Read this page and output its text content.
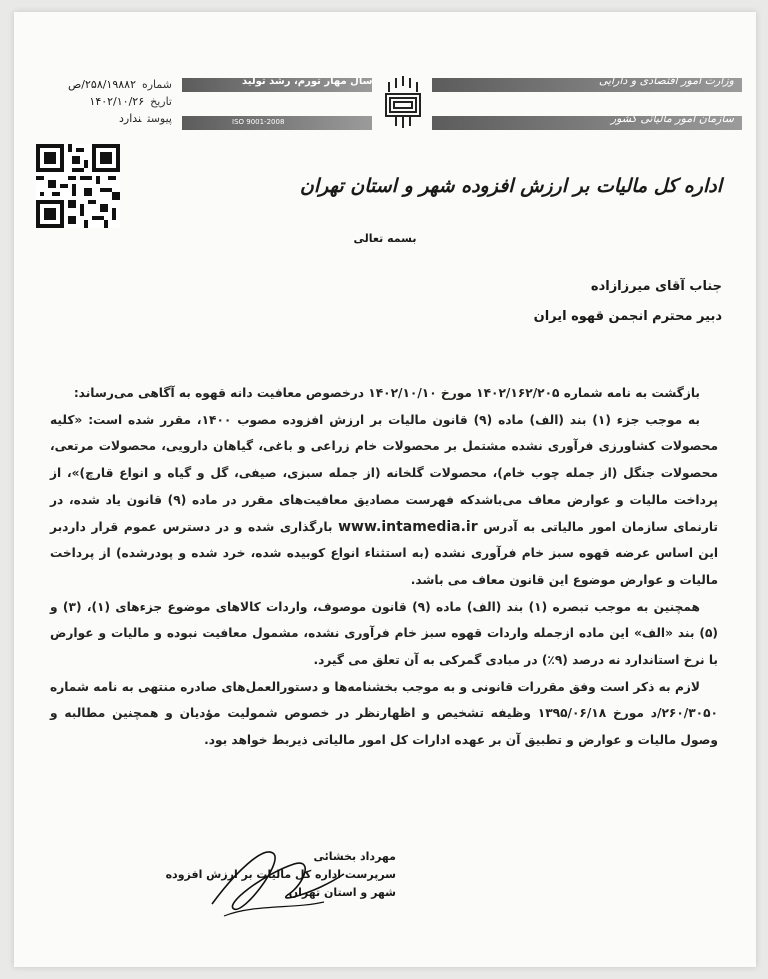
شماره۲۵۸/۱۹۸۸۲/ص
تاریخ۱۴۰۲/۱۰/۲۶
پیوستندارد
سال مهار تورم، رشد تولید
ISO 9001-2008
وزارت امور اقتصادی و دارایی
سازمان امور مالیاتی کشور
اداره کل مالیات بر ارزش افزوده شهر و استان تهران
بسمه تعالی
جناب آقای میرزازاده
دبیر محترم انجمن قهوه ایران

بازگشت به نامه شماره ۱۴۰۲/۱۶۲/۲۰۵ مورخ ۱۴۰۲/۱۰/۱۰ درخصوص معافیت دانه قهوه به آگاهی می‌رساند:

به موجب جزء (۱) بند (الف) ماده (۹) قانون مالیات بر ارزش افزوده مصوب ۱۴۰۰، مقرر شده است: «کلیه محصولات کشاورزی فرآوری نشده مشتمل بر محصولات خام زراعی و باغی، گیاهان دارویی، محصولات مرتعی، محصولات جنگل (از جمله چوب خام)، محصولات گلخانه (از جمله سبزی، صیفی، گل و گیاه و انواع قارچ)»، از پرداخت مالیات و عوارض معاف می‌باشدکه فهرست مصادیق معافیت‌های مقرر در ماده (۹) قانون یاد شده، در تارنمای سازمان امور مالیاتی به آدرس www.intamedia.ir بارگذاری شده و در دسترس عموم قرار داردبر این اساس عرضه قهوه سبز خام فرآوری نشده (به استثناء انواع کوبیده شده، خرد شده و پودرشده) از پرداخت مالیات و عوارض موضوع این قانون معاف می باشد.

همچنین به موجب تبصره (۱) بند (الف) ماده (۹) قانون موصوف، واردات کالاهای موضوع جزءهای (۱)، (۳) و (۵) بند «الف» این ماده ازجمله واردات قهوه سبز خام فرآوری نشده، مشمول معافیت نبوده و مالیات و عوارض با نرخ استاندارد نه درصد (۹٪) در مبادی گمرکی به آن تعلق می گیرد.

لازم به ذکر است وفق مقررات قانونی و به موجب بخشنامه‌ها و دستورالعمل‌های صادره منتهی به نامه شماره ۲۶۰/۳۰۵۰/د مورخ ۱۳۹۵/۰۶/۱۸ وظیفه تشخیص و اظهارنظر در خصوص شمولیت مؤدیان و همچنین مطالبه و وصول مالیات و عوارض و تطبیق آن بر عهده ادارات کل امور مالیاتی ذیربط خواهد بود.

مهرداد بخشائی
سرپرست اداره کل مالیات بر ارزش افزوده
شهر و استان تهران
